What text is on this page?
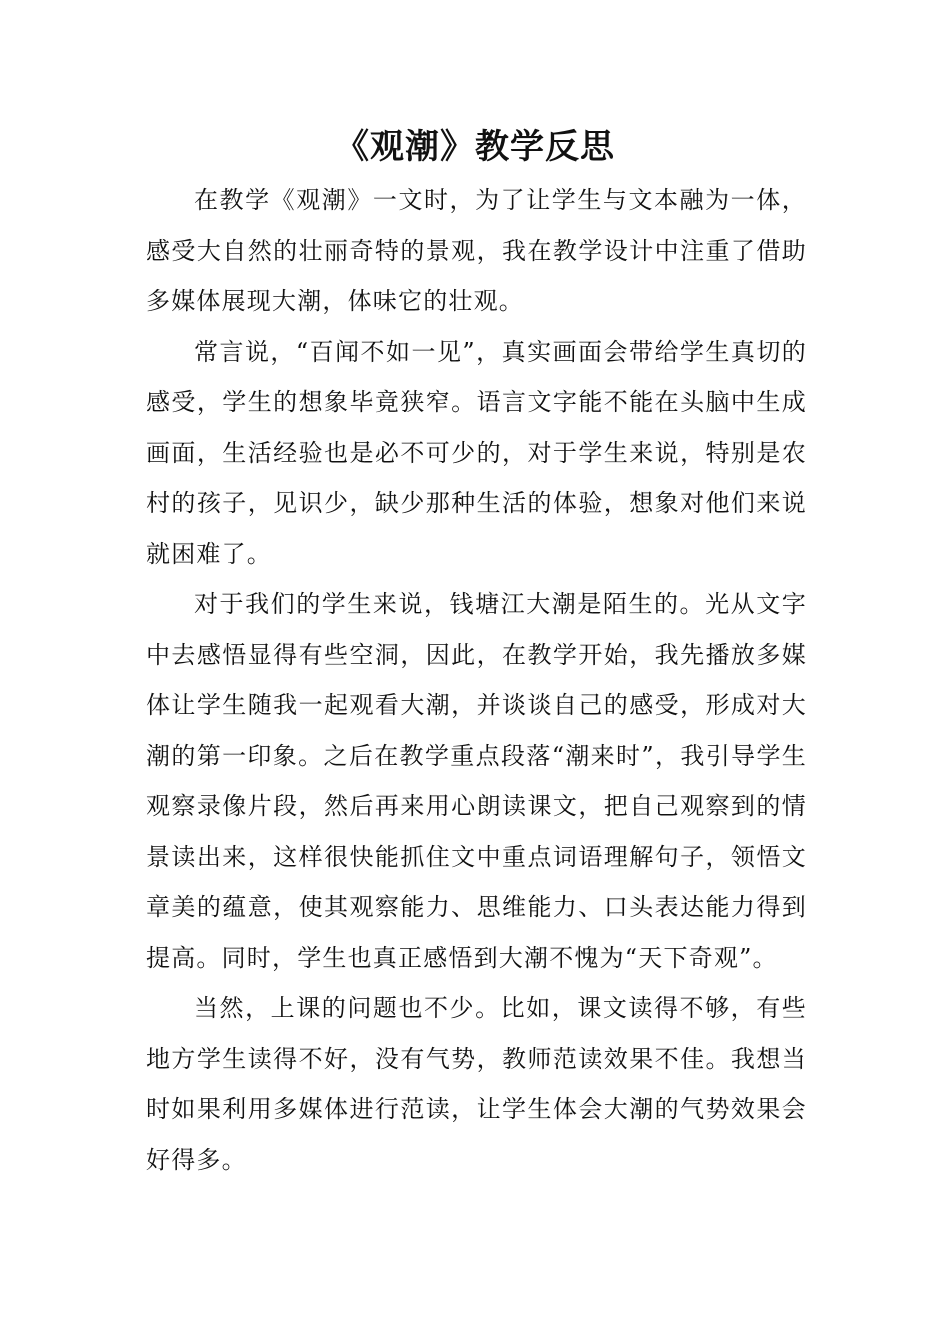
《观潮》教学反思

在教学《观潮》一文时，为了让学生与文本融为一体，感受大自然的壮丽奇特的景观，我在教学设计中注重了借助多媒体展现大潮，体味它的壮观。

常言说，“百闻不如一见”，真实画面会带给学生真切的感受，学生的想象毕竟狭窄。语言文字能不能在头脑中生成画面，生活经验也是必不可少的，对于学生来说，特别是农村的孩子，见识少，缺少那种生活的体验，想象对他们来说就困难了。

对于我们的学生来说，钱塘江大潮是陌生的。光从文字中去感悟显得有些空洞，因此，在教学开始，我先播放多媒体让学生随我一起观看大潮，并谈谈自己的感受，形成对大潮的第一印象。之后在教学重点段落“潮来时”，我引导学生观察录像片段，然后再来用心朗读课文，把自己观察到的情景读出来，这样很快能抓住文中重点词语理解句子，领悟文章美的蕴意，使其观察能力、思维能力、口头表达能力得到提高。同时，学生也真正感悟到大潮不愧为“天下奇观”。

当然，上课的问题也不少。比如，课文读得不够，有些地方学生读得不好，没有气势，教师范读效果不佳。我想当时如果利用多媒体进行范读，让学生体会大潮的气势效果会好得多。
